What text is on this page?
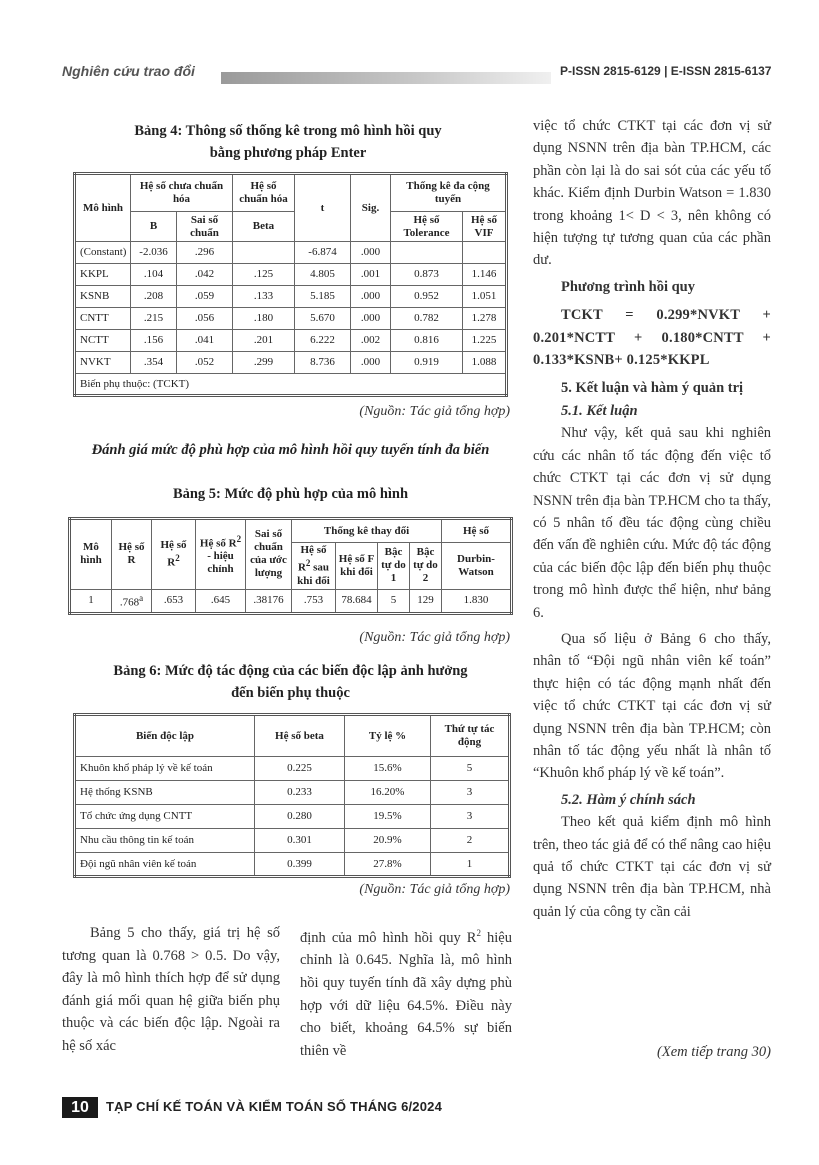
Nghiên cứu trao đổi	P-ISSN 2815-6129 | E-ISSN 2815-6137
Bảng 4: Thông số thống kê trong mô hình hồi quy
bằng phương pháp Enter
Mô hình	Hệ số chưa chuẩn hóa		Hệ số chuẩn hóa	t	Sig.	Thống kê đa cộng tuyến	
	B	Sai số chuẩn	Beta			Hệ số Tolerance	Hệ số VIF
(Constant)	-2.036	.296		-6.874	.000		
KKPL	.104	.042	.125	4.805	.001	0.873	1.146
KSNB	.208	.059	.133	5.185	.000	0.952	1.051
CNTT	.215	.056	.180	5.670	.000	0.782	1.278
NCTT	.156	.041	.201	6.222	.002	0.816	1.225
NVKT	.354	.052	.299	8.736	.000	0.919	1.088
Biến phụ thuộc: (TCKT)							
(Nguồn: Tác giả tổng hợp)
Đánh giá mức độ phù hợp của mô hình hồi quy tuyến tính đa biến
Bảng 5: Mức độ phù hợp của mô hình
Mô hình	Hệ số R	Hệ số $R^2$	Hệ số $R^2$ - hiệu chỉnh	Sai số chuẩn của ước lượng	Thống kê thay đổi				Hệ số
					Hệ số $R^2$ sau khi đổi	Hệ số F khi đổi	Bậc tự do 1	Bậc tự do 2	Durbin-Watson
1	.768$^a$	.653	.645	.38176	.753	78.684	5	129	1.830
(Nguồn: Tác giả tổng hợp)
Bảng 6: Mức độ tác động của các biến độc lập ảnh hưởng
đến biến phụ thuộc
Biến độc lập	Hệ số beta	Tỷ lệ %	Thứ tự tác động
Khuôn khổ pháp lý về kế toán	0.225	15.6%	5
Hệ thống KSNB	0.233	16.20%	3
Tổ chức ứng dụng CNTT	0.280	19.5%	3
Nhu cầu thông tin kế toán	0.301	20.9%	2
Đội ngũ nhân viên kế toán	0.399	27.8%	1
(Nguồn: Tác giả tổng hợp)

Bảng 5 cho thấy, giá trị hệ số tương quan là 0.768 > 0.5. Do vậy, đây là mô hình thích hợp để sử dụng đánh giá mối quan hệ giữa biến phụ thuộc và các biến độc lập. Ngoài ra hệ số xác

định của mô hình hồi quy $R^2$ hiệu chỉnh là 0.645. Nghĩa là, mô hình hồi quy tuyến tính đã xây dựng phù hợp với dữ liệu 64.5%. Điều này cho biết, khoảng 64.5% sự biến thiên về

việc tổ chức CTKT tại các đơn vị sử dụng NSNN trên địa bàn TP.HCM, các phần còn lại là do sai sót của các yếu tố khác. Kiểm định Durbin Watson = 1.830 trong khoảng 1< D < 3, nên không có hiện tượng tự tương quan của các phần dư.

Phương trình hồi quy
TCKT = 0.299*NVKT + 0.201*NCTT + 0.180*CNTT + 0.133*KSNB+ 0.125*KKPL
5. Kết luận và hàm ý quản trị
5.1. Kết luận

Như vậy, kết quả sau khi nghiên cứu các nhân tố tác động đến việc tổ chức CTKT tại các đơn vị sử dụng NSNN trên địa bàn TP.HCM cho ta thấy, có 5 nhân tố đều tác động cùng chiều đến vấn đề nghiên cứu. Mức độ tác động của các biến độc lập đến biến phụ thuộc trong mô hình được thể hiện, như bảng 6.

Qua số liệu ở Bảng 6 cho thấy, nhân tố “Đội ngũ nhân viên kế toán” thực hiện có tác động mạnh nhất đến việc tổ chức CTKT tại các đơn vị sử dụng NSNN trên địa bàn TP.HCM; còn nhân tố tác động yếu nhất là nhân tố “Khuôn khổ pháp lý về kế toán”.

5.2. Hàm ý chính sách

Theo kết quả kiểm định mô hình trên, theo tác giả để có thể nâng cao hiệu quả tổ chức CTKT tại các đơn vị sử dụng NSNN trên địa bàn TP.HCM, nhà quản lý của công ty cần cải

(Xem tiếp trang 30)
10	TẠP CHÍ KẾ TOÁN VÀ KIỂM TOÁN SỐ THÁNG 6/2024
